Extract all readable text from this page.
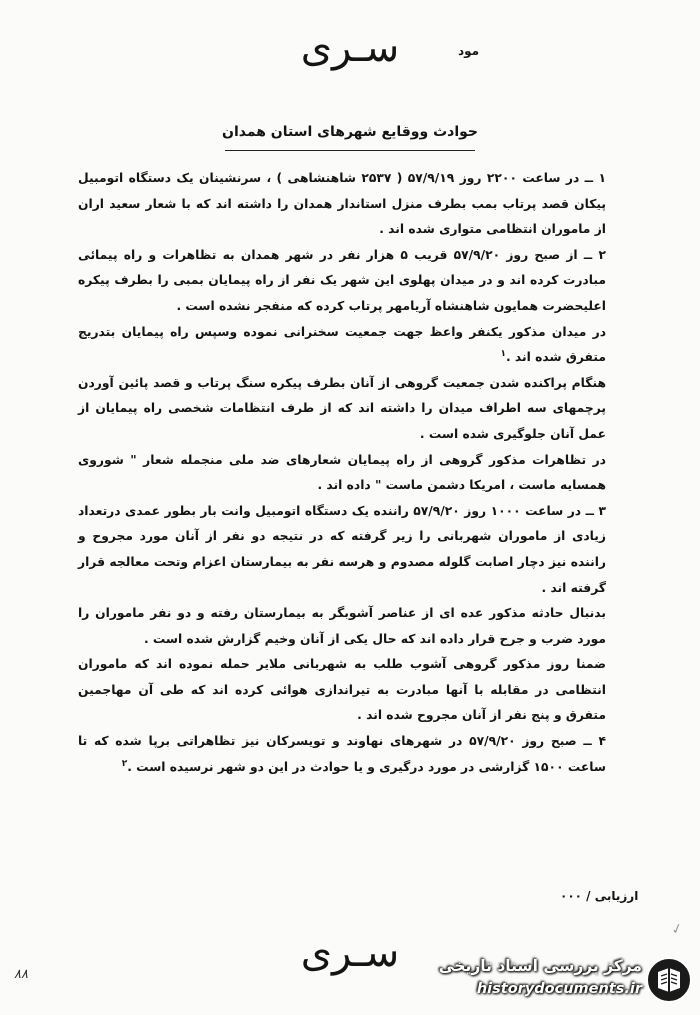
سـری	مود
حوادث ووقایع شهرهای استان همدان

۱ ــ در ساعت ۲۲۰۰ روز ۵۷/۹/۱۹ ( ۲۵۳۷ شاهنشاهی ) ، سرنشینان یک دستگاه اتومبیل پیکان قصد پرتاب بمب بطرف منزل استاندار همدان را داشته اند که با شعار سعید اران از ماموران انتظامی متواری شده اند .

۲ ــ از صبح روز ۵۷/۹/۲۰ قریب ۵ هزار نفر در شهر همدان به تظاهرات و راه پیمائی مبادرت کرده اند و در میدان پهلوی این شهر یک نفر از راه پیمایان بمبی را بطرف پیکره اعلیحضرت همایون شاهنشاه آریامهر پرتاب کرده که منفجر نشده است .

در میدان مذکور یکنفر واعظ جهت جمعیت سخنرانی نموده وسپس راه پیمایان بتدریج متفرق شده اند .$^۱$

هنگام پراکنده شدن جمعیت گروهی از آنان بطرف پیکره سنگ پرتاب و قصد پائین آوردن پرچمهای سه اطراف میدان را داشته اند که از طرف انتظامات شخصی راه پیمایان از عمل آنان جلوگیری شده است .

در تظاهرات مذکور گروهی از راه پیمایان شعارهای ضد ملی منجمله شعار " شوروی همسایه ماست ، امریکا دشمن ماست " داده اند .

۳ ــ در ساعت ۱۰۰۰ روز ۵۷/۹/۲۰ راننده یک دستگاه اتومبیل وانت بار بطور عمدی درتعداد زیادی از ماموران شهربانی را زیر گرفته که در نتیجه دو نفر از آنان مورد مجروح و راننده نیز دچار اصابت گلوله مصدوم و هرسه نفر به بیمارستان اعزام وتحت معالجه قرار گرفته اند .

بدنبال حادثه مذکور عده ای از عناصر آشوبگر به بیمارستان رفته و دو نفر ماموران را مورد ضرب و جرح قرار داده اند که حال یکی از آنان وخیم گزارش شده است .

ضمنا روز مذکور گروهی آشوب طلب به شهربانی ملایر حمله نموده اند که ماموران انتظامی در مقابله با آنها مبادرت به تیراندازی هوائی کرده اند که طی آن مهاجمین متفرق و پنج نفر از آنان مجروح شده اند .

۴ ــ صبح روز ۵۷/۹/۲۰ در شهرهای نهاوند و تویسرکان نیز تظاهراتی برپا شده که تا ساعت ۱۵۰۰ گزارشی در مورد درگیری و یا حوادث در این دو شهر نرسیده است .$^۲$

ارزیابی / ۰۰۰
سـری
✓
۸۸	مرکز بررسی اسناد تاریخی
historydocuments.ir
